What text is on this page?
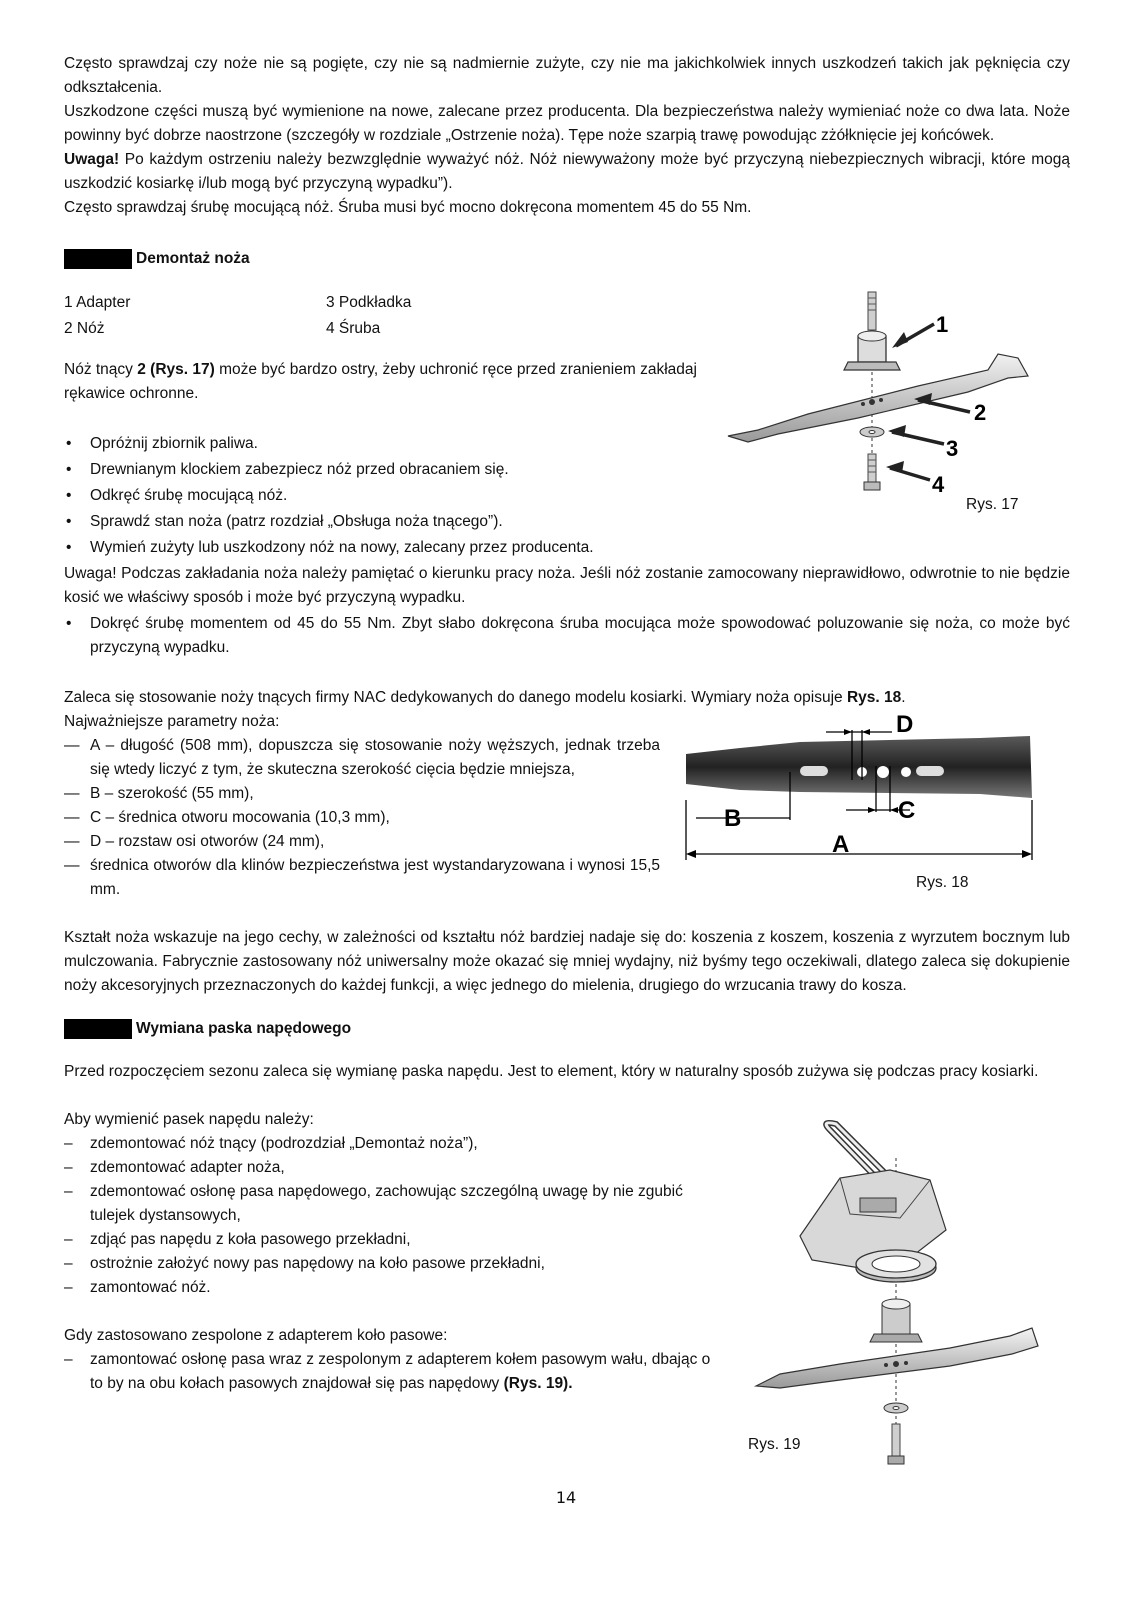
Często sprawdzaj czy noże nie są pogięte, czy nie są nadmiernie zużyte, czy nie ma jakichkolwiek innych uszkodzeń takich jak pęknięcia czy odkształcenia.

Uszkodzone części muszą być wymienione na nowe, zalecane przez producenta. Dla bezpieczeństwa należy wymieniać noże co dwa lata. Noże powinny być dobrze naostrzone (szczegóły w rozdziale „Ostrzenie noża). Tępe noże szarpią trawę powodując zżółknięcie jej końcówek.

Uwaga! Po każdym ostrzeniu należy bezwzględnie wyważyć nóż. Nóż niewyważony może być przyczyną niebezpiecznych wibracji, które mogą uszkodzić kosiarkę i/lub mogą być przyczyną wypadku”).

Często sprawdzaj śrubę mocującą nóż. Śruba musi być mocno dokręcona momentem 45 do 55 Nm.

Demontaż noża
1 Adapter	3 Podkładka
2 Nóż	4 Śruba

Nóż tnący 2 (Rys. 17) może być bardzo ostry, żeby uchronić ręce przed zranieniem zakładaj rękawice ochronne.

• Opróżnij zbiornik paliwa.
• Drewnianym klockiem zabezpiecz nóż przed obracaniem się.
• Odkręć śrubę mocującą nóż.
• Sprawdź stan noża (patrz rozdział „Obsługa noża tnącego”).
• Wymień zużyty lub uszkodzony nóż na nowy, zalecany przez producenta.

Uwaga! Podczas zakładania noża należy pamiętać o kierunku pracy noża. Jeśli nóż zostanie zamocowany nieprawidłowo, odwrotnie to nie będzie kosić we właściwy sposób i może być przyczyną wypadku.

• Dokręć śrubę momentem od 45 do 55 Nm. Zbyt słabo dokręcona śruba mocująca może spowodować poluzowanie się noża, co może być przyczyną wypadku.

Zaleca się stosowanie noży tnących firmy NAC dedykowanych do danego modelu kosiarki. Wymiary noża opisuje Rys. 18.

Najważniejsze parametry noża:

— A – długość (508 mm), dopuszcza się stosowanie noży węższych, jednak trzeba się wtedy liczyć z tym, że skuteczna szerokość cięcia będzie mniejsza,
— B – szerokość (55 mm),
— C – średnica otworu mocowania (10,3 mm),
— D – rozstaw osi otworów (24 mm),
— średnica otworów dla klinów bezpieczeństwa jest wystandaryzowana i wynosi 15,5 mm.

Kształt noża wskazuje na jego cechy, w zależności od kształtu nóż bardziej nadaje się do: koszenia z koszem, koszenia z wyrzutem bocznym lub mulczowania. Fabrycznie zastosowany nóż uniwersalny może okazać się mniej wydajny, niż byśmy tego oczekiwali, dlatego zaleca się dokupienie noży akcesoryjnych przeznaczonych do każdej funkcji, a więc jednego do mielenia, drugiego do wrzucania trawy do kosza.

Wymiana paska napędowego

Przed rozpoczęciem sezonu zaleca się wymianę paska napędu. Jest to element, który w naturalny sposób zużywa się podczas pracy kosiarki.

Aby wymienić pasek napędu należy:

– zdemontować nóż tnący (podrozdział „Demontaż noża”),
– zdemontować adapter noża,
– zdemontować osłonę pasa napędowego, zachowując szczególną uwagę by nie zgubić tulejek dystansowych,
– zdjąć pas napędu z koła pasowego przekładni,
– ostrożnie założyć nowy pas napędowy na koło pasowe przekładni,
– zamontować nóż.

Gdy zastosowano zespolone z adapterem koło pasowe:

– zamontować osłonę pasa wraz z zespolonym z adapterem kołem pasowym wału, dbając o to by na obu kołach pasowych znajdował się pas napędowy (Rys. 19).
1
2
3
4
Rys. 17
D
B	C
A
Rys. 18
Rys. 19
14
